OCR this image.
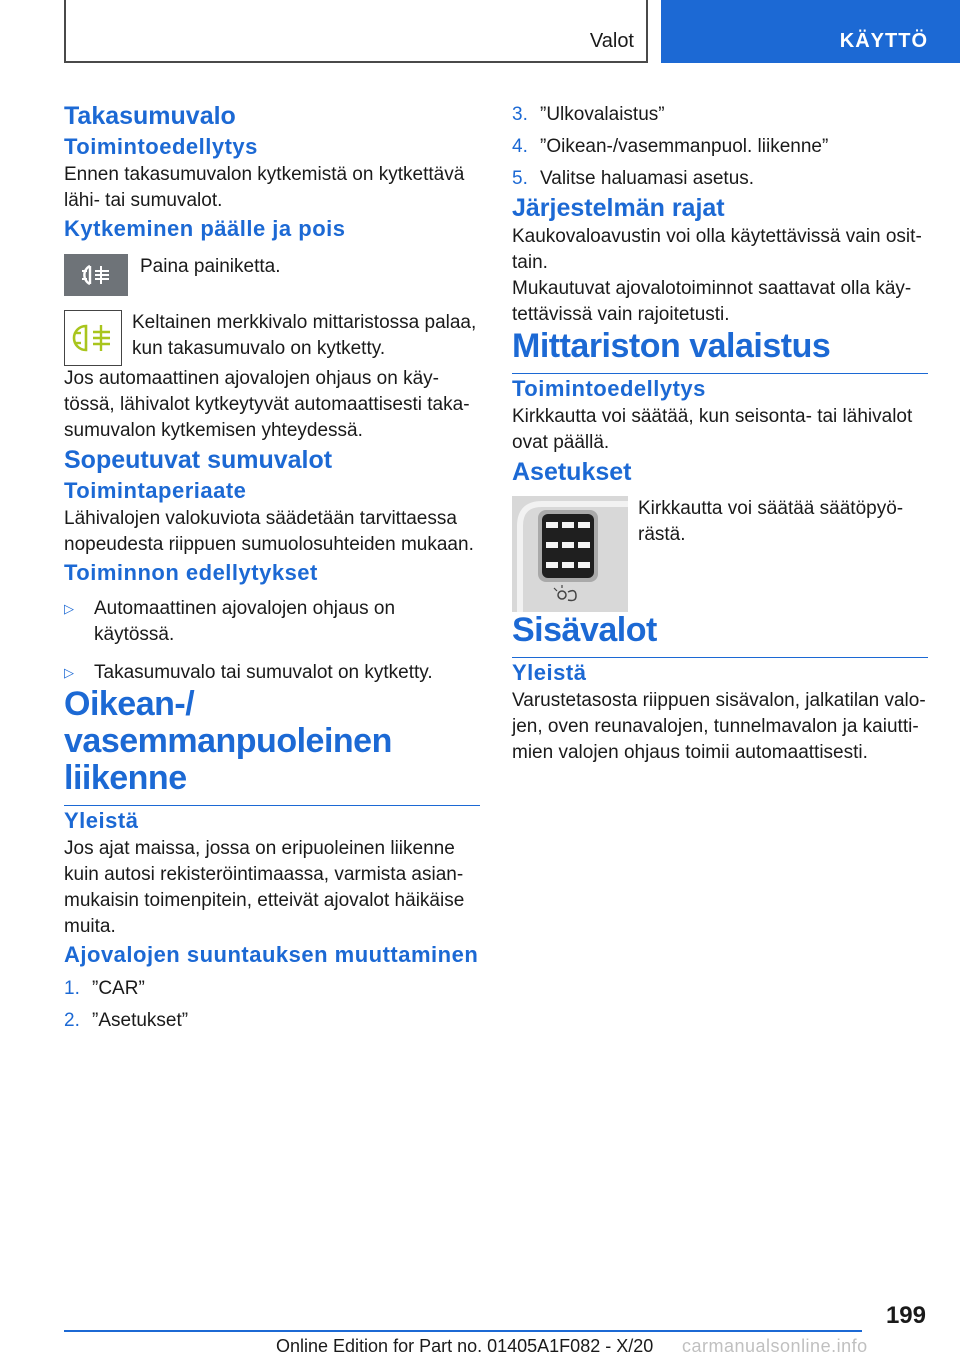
Valot	KÄYTTÖ
Takasumuvalo
Toimintoedellytys

Ennen takasumuvalon kytkemistä on kytkettävä lähi- tai sumuvalot.

Kytkeminen päälle ja pois

Paina painiketta.

Keltainen merkkivalo mittaristossa palaa, kun takasumuvalo on kytketty.

Jos automaattinen ajovalojen ohjaus on käytössä, lähivalot kytkeytyvät automaattisesti takasumuvalon kytkemisen yhteydessä.

Sopeutuvat sumuvalot
Toimintaperiaate

Lähivalojen valokuviota säädetään tarvittaessa nopeudesta riippuen sumuolosuhteiden mukaan.

Toiminnon edellytykset
▷	Automaattinen ajovalojen ohjaus on käytössä.
▷	Takasumuvalo tai sumuvalot on kytketty.
Oikean-/ vasemmanpuoleinen liikenne
Yleistä

Jos ajat maissa, jossa on eripuoleinen liikenne kuin autosi rekisteröintimaassa, varmista asianmukaisin toimenpitein, etteivät ajovalot häikäise muita.

Ajovalojen suuntauksen muuttaminen
1. ”CAR”
2. ”Asetukset”
3. ”Ulkovalaistus”
4. ”Oikean-/vasemmanpuol. liikenne”
5. Valitse haluamasi asetus.
Järjestelmän rajat

Kaukovaloavustin voi olla käytettävissä vain osittain.

Mukautuvat ajovalotoiminnot saattavat olla käytettävissä vain rajoitetusti.

Mittariston valaistus
Toimintoedellytys

Kirkkautta voi säätää, kun seisonta- tai lähivalot ovat päällä.

Asetukset

Kirkkautta voi säätää säätöpyörästä.

Sisävalot
Yleistä

Varustetasosta riippuen sisävalon, jalkatilan valojen, oven reunavalojen, tunnelmavalon ja kaiuttimien valojen ohjaus toimii automaattisesti.

199
Online Edition for Part no. 01405A1F082 - X/20 carmanualsonline.info
